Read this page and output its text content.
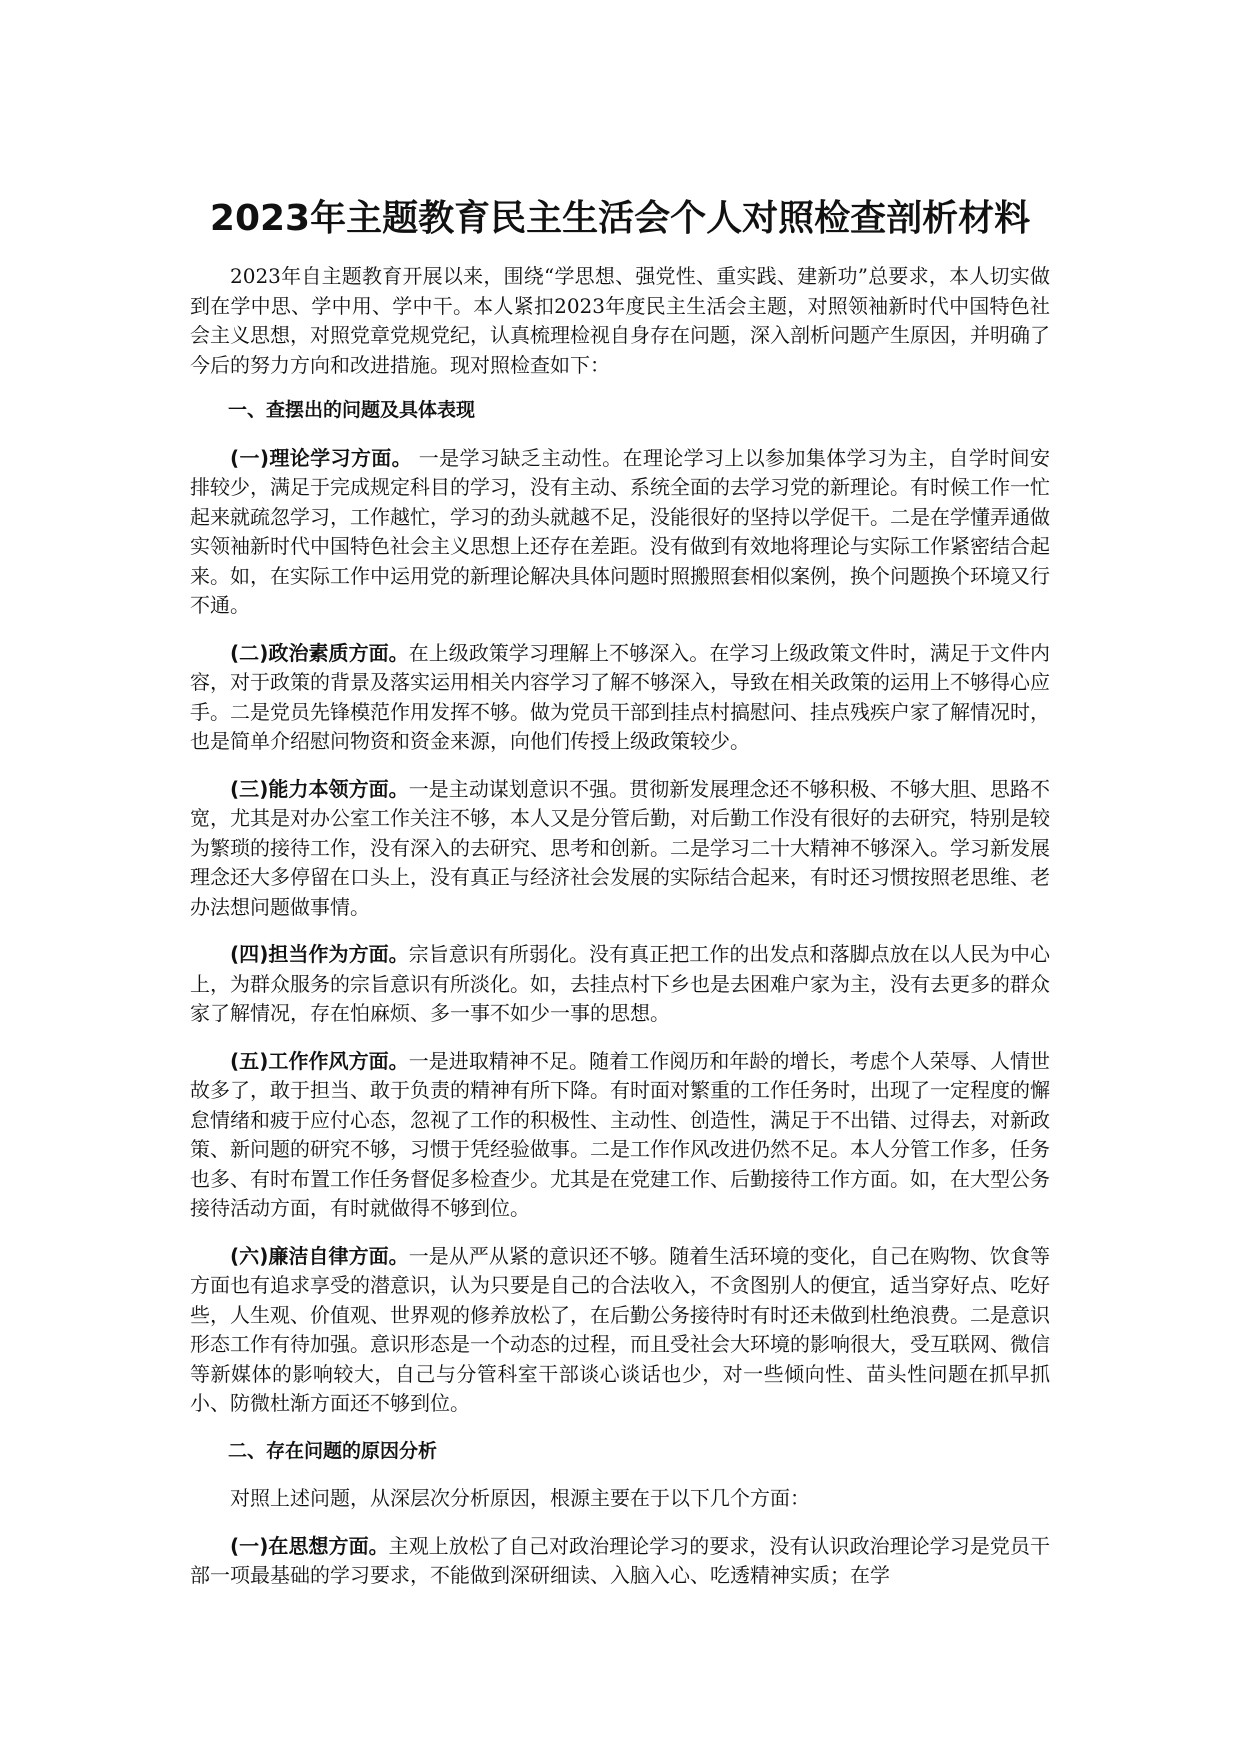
2023年主题教育民主生活会个人对照检查剖析材料

2023年自主题教育开展以来，围绕“学思想、强党性、重实践、建新功”总要求，本人切实做到在学中思、学中用、学中干。本人紧扣2023年度民主生活会主题，对照领袖新时代中国特色社会主义思想，对照党章党规党纪，认真梳理检视自身存在问题，深入剖析问题产生原因，并明确了今后的努力方向和改进措施。现对照检查如下：

一、查摆出的问题及具体表现

(一)理论学习方面。 一是学习缺乏主动性。在理论学习上以参加集体学习为主，自学时间安排较少，满足于完成规定科目的学习，没有主动、系统全面的去学习党的新理论。有时候工作一忙起来就疏忽学习，工作越忙，学习的劲头就越不足，没能很好的坚持以学促干。二是在学懂弄通做实领袖新时代中国特色社会主义思想上还存在差距。没有做到有效地将理论与实际工作紧密结合起来。如，在实际工作中运用党的新理论解决具体问题时照搬照套相似案例，换个问题换个环境又行不通。

(二)政治素质方面。在上级政策学习理解上不够深入。在学习上级政策文件时，满足于文件内容，对于政策的背景及落实运用相关内容学习了解不够深入，导致在相关政策的运用上不够得心应手。二是党员先锋模范作用发挥不够。做为党员干部到挂点村搞慰问、挂点残疾户家了解情况时，也是简单介绍慰问物资和资金来源，向他们传授上级政策较少。

(三)能力本领方面。一是主动谋划意识不强。贯彻新发展理念还不够积极、不够大胆、思路不宽，尤其是对办公室工作关注不够，本人又是分管后勤，对后勤工作没有很好的去研究，特别是较为繁琐的接待工作，没有深入的去研究、思考和创新。二是学习二十大精神不够深入。学习新发展理念还大多停留在口头上，没有真正与经济社会发展的实际结合起来，有时还习惯按照老思维、老办法想问题做事情。

(四)担当作为方面。宗旨意识有所弱化。没有真正把工作的出发点和落脚点放在以人民为中心上，为群众服务的宗旨意识有所淡化。如，去挂点村下乡也是去困难户家为主，没有去更多的群众家了解情况，存在怕麻烦、多一事不如少一事的思想。

(五)工作作风方面。一是进取精神不足。随着工作阅历和年龄的增长，考虑个人荣辱、人情世故多了，敢于担当、敢于负责的精神有所下降。有时面对繁重的工作任务时，出现了一定程度的懈怠情绪和疲于应付心态，忽视了工作的积极性、主动性、创造性，满足于不出错、过得去，对新政策、新问题的研究不够，习惯于凭经验做事。二是工作作风改进仍然不足。本人分管工作多，任务也多、有时布置工作任务督促多检查少。尤其是在党建工作、后勤接待工作方面。如，在大型公务接待活动方面，有时就做得不够到位。

(六)廉洁自律方面。一是从严从紧的意识还不够。随着生活环境的变化，自己在购物、饮食等方面也有追求享受的潜意识，认为只要是自己的合法收入，不贪图别人的便宜，适当穿好点、吃好些，人生观、价值观、世界观的修养放松了，在后勤公务接待时有时还未做到杜绝浪费。二是意识形态工作有待加强。意识形态是一个动态的过程，而且受社会大环境的影响很大，受互联网、微信等新媒体的影响较大，自己与分管科室干部谈心谈话也少，对一些倾向性、苗头性问题在抓早抓小、防微杜渐方面还不够到位。

二、存在问题的原因分析

对照上述问题，从深层次分析原因，根源主要在于以下几个方面：

(一)在思想方面。主观上放松了自己对政治理论学习的要求，没有认识政治理论学习是党员干部一项最基础的学习要求，不能做到深研细读、入脑入心、吃透精神实质；在学
